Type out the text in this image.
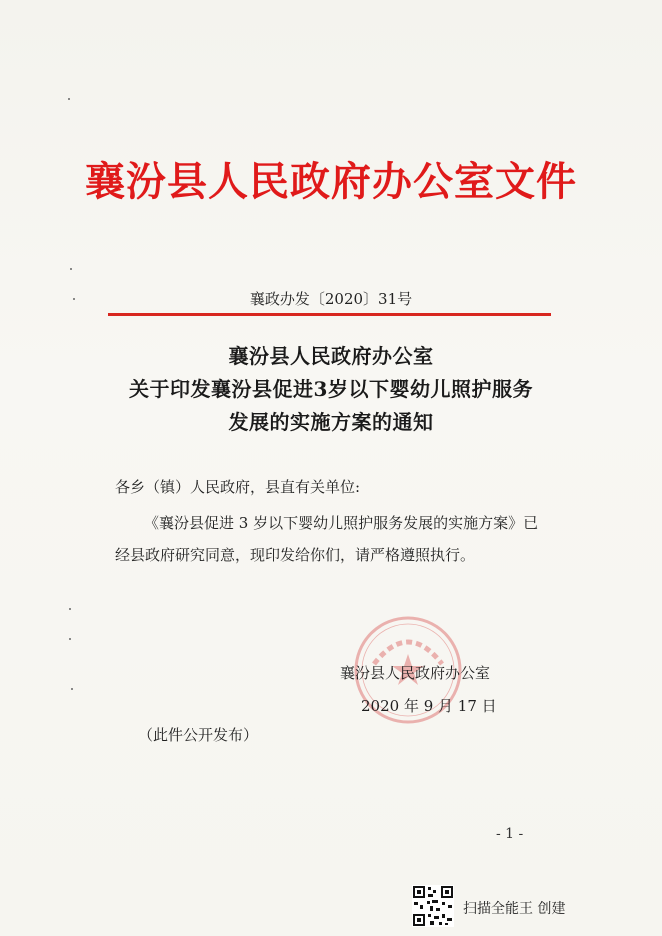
襄汾县人民政府办公室文件
襄政办发〔2020〕31号
襄汾县人民政府办公室
关于印发襄汾县促进3岁以下婴幼儿照护服务
发展的实施方案的通知
各乡（镇）人民政府，县直有关单位:
《襄汾县促进 3 岁以下婴幼儿照护服务发展的实施方案》已
经县政府研究同意，现印发给你们，请严格遵照执行。
襄汾县人民政府办公室
2020 年 9 月 17 日
（此件公开发布）
- 1 -
扫描全能王 创建
